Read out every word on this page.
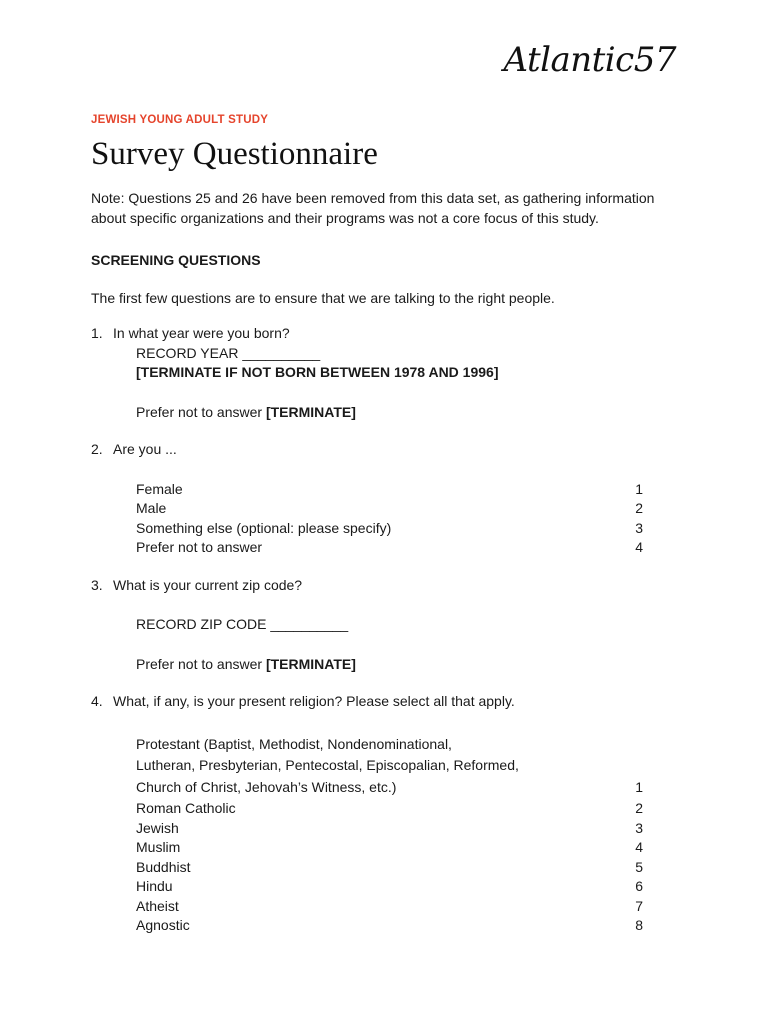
Atlantic57

JEWISH YOUNG ADULT STUDY

Survey Questionnaire

Note: Questions 25 and 26 have been removed from this data set, as gathering information about specific organizations and their programs was not a core focus of this study.

SCREENING QUESTIONS

The first few questions are to ensure that we are talking to the right people.

1. In what year were you born?
RECORD YEAR __________
[TERMINATE IF NOT BORN BETWEEN 1978 AND 1996]
Prefer not to answer [TERMINATE]
2. Are you ...
Female	1
Male	2
Something else (optional: please specify)	3
Prefer not to answer	4
3. What is your current zip code?
RECORD ZIP CODE __________
Prefer not to answer [TERMINATE]
4. What, if any, is your present religion? Please select all that apply.
Protestant (Baptist, Methodist, Nondenominational,
Lutheran, Presbyterian, Pentecostal, Episcopalian, Reformed,
Church of Christ, Jehovah’s Witness, etc.)	1
Roman Catholic	2
Jewish	3
Muslim	4
Buddhist	5
Hindu	6
Atheist	7
Agnostic	8
